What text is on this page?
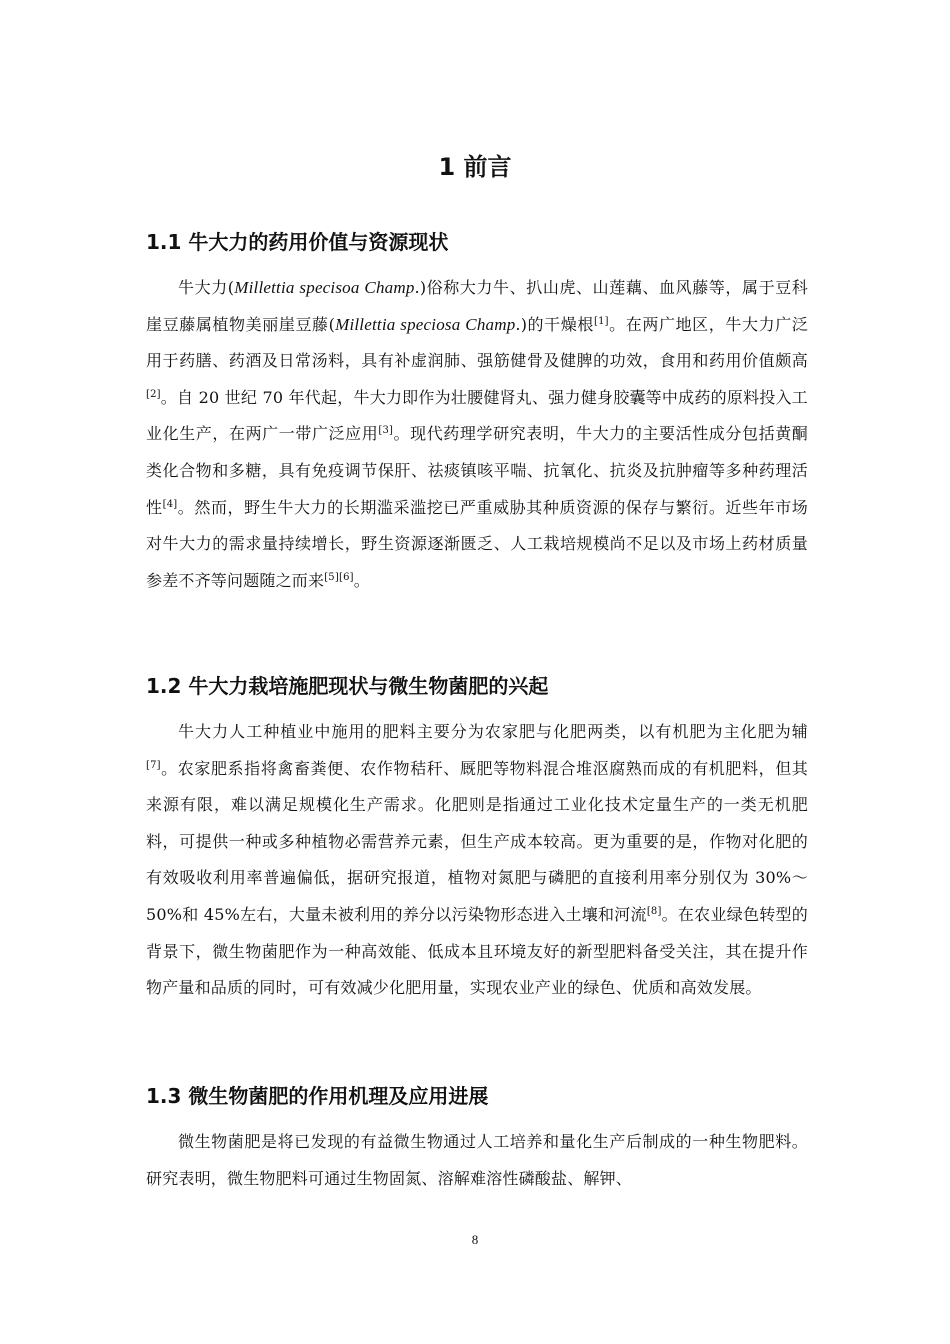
1 前言
1.1 牛大力的药用价值与资源现状

牛大力(Millettia specisoa Champ.)俗称大力牛、扒山虎、山莲藕、血风藤等，属于豆科崖豆藤属植物美丽崖豆藤(Millettia speciosa Champ.)的干燥根[1]。在两广地区，牛大力广泛用于药膳、药酒及日常汤料，具有补虚润肺、强筋健骨及健脾的功效，食用和药用价值颇高[2]。自 20 世纪 70 年代起，牛大力即作为壮腰健肾丸、强力健身胶囊等中成药的原料投入工业化生产，在两广一带广泛应用[3]。现代药理学研究表明，牛大力的主要活性成分包括黄酮类化合物和多糖，具有免疫调节保肝、祛痰镇咳平喘、抗氧化、抗炎及抗肿瘤等多种药理活性[4]。然而，野生牛大力的长期滥采滥挖已严重威胁其种质资源的保存与繁衍。近些年市场对牛大力的需求量持续增长，野生资源逐渐匮乏、人工栽培规模尚不足以及市场上药材质量参差不齐等问题随之而来[5][6]。

1.2 牛大力栽培施肥现状与微生物菌肥的兴起

牛大力人工种植业中施用的肥料主要分为农家肥与化肥两类，以有机肥为主化肥为辅[7]。农家肥系指将禽畜粪便、农作物秸秆、厩肥等物料混合堆沤腐熟而成的有机肥料，但其来源有限，难以满足规模化生产需求。化肥则是指通过工业化技术定量生产的一类无机肥料，可提供一种或多种植物必需营养元素，但生产成本较高。更为重要的是，作物对化肥的有效吸收利用率普遍偏低，据研究报道，植物对氮肥与磷肥的直接利用率分别仅为 30%～50%和 45%左右，大量未被利用的养分以污染物形态进入土壤和河流[8]。在农业绿色转型的背景下，微生物菌肥作为一种高效能、低成本且环境友好的新型肥料备受关注，其在提升作物产量和品质的同时，可有效减少化肥用量，实现农业产业的绿色、优质和高效发展。

1.3 微生物菌肥的作用机理及应用进展

微生物菌肥是将已发现的有益微生物通过人工培养和量化生产后制成的一种生物肥料。研究表明，微生物肥料可通过生物固氮、溶解难溶性磷酸盐、解钾、

8
